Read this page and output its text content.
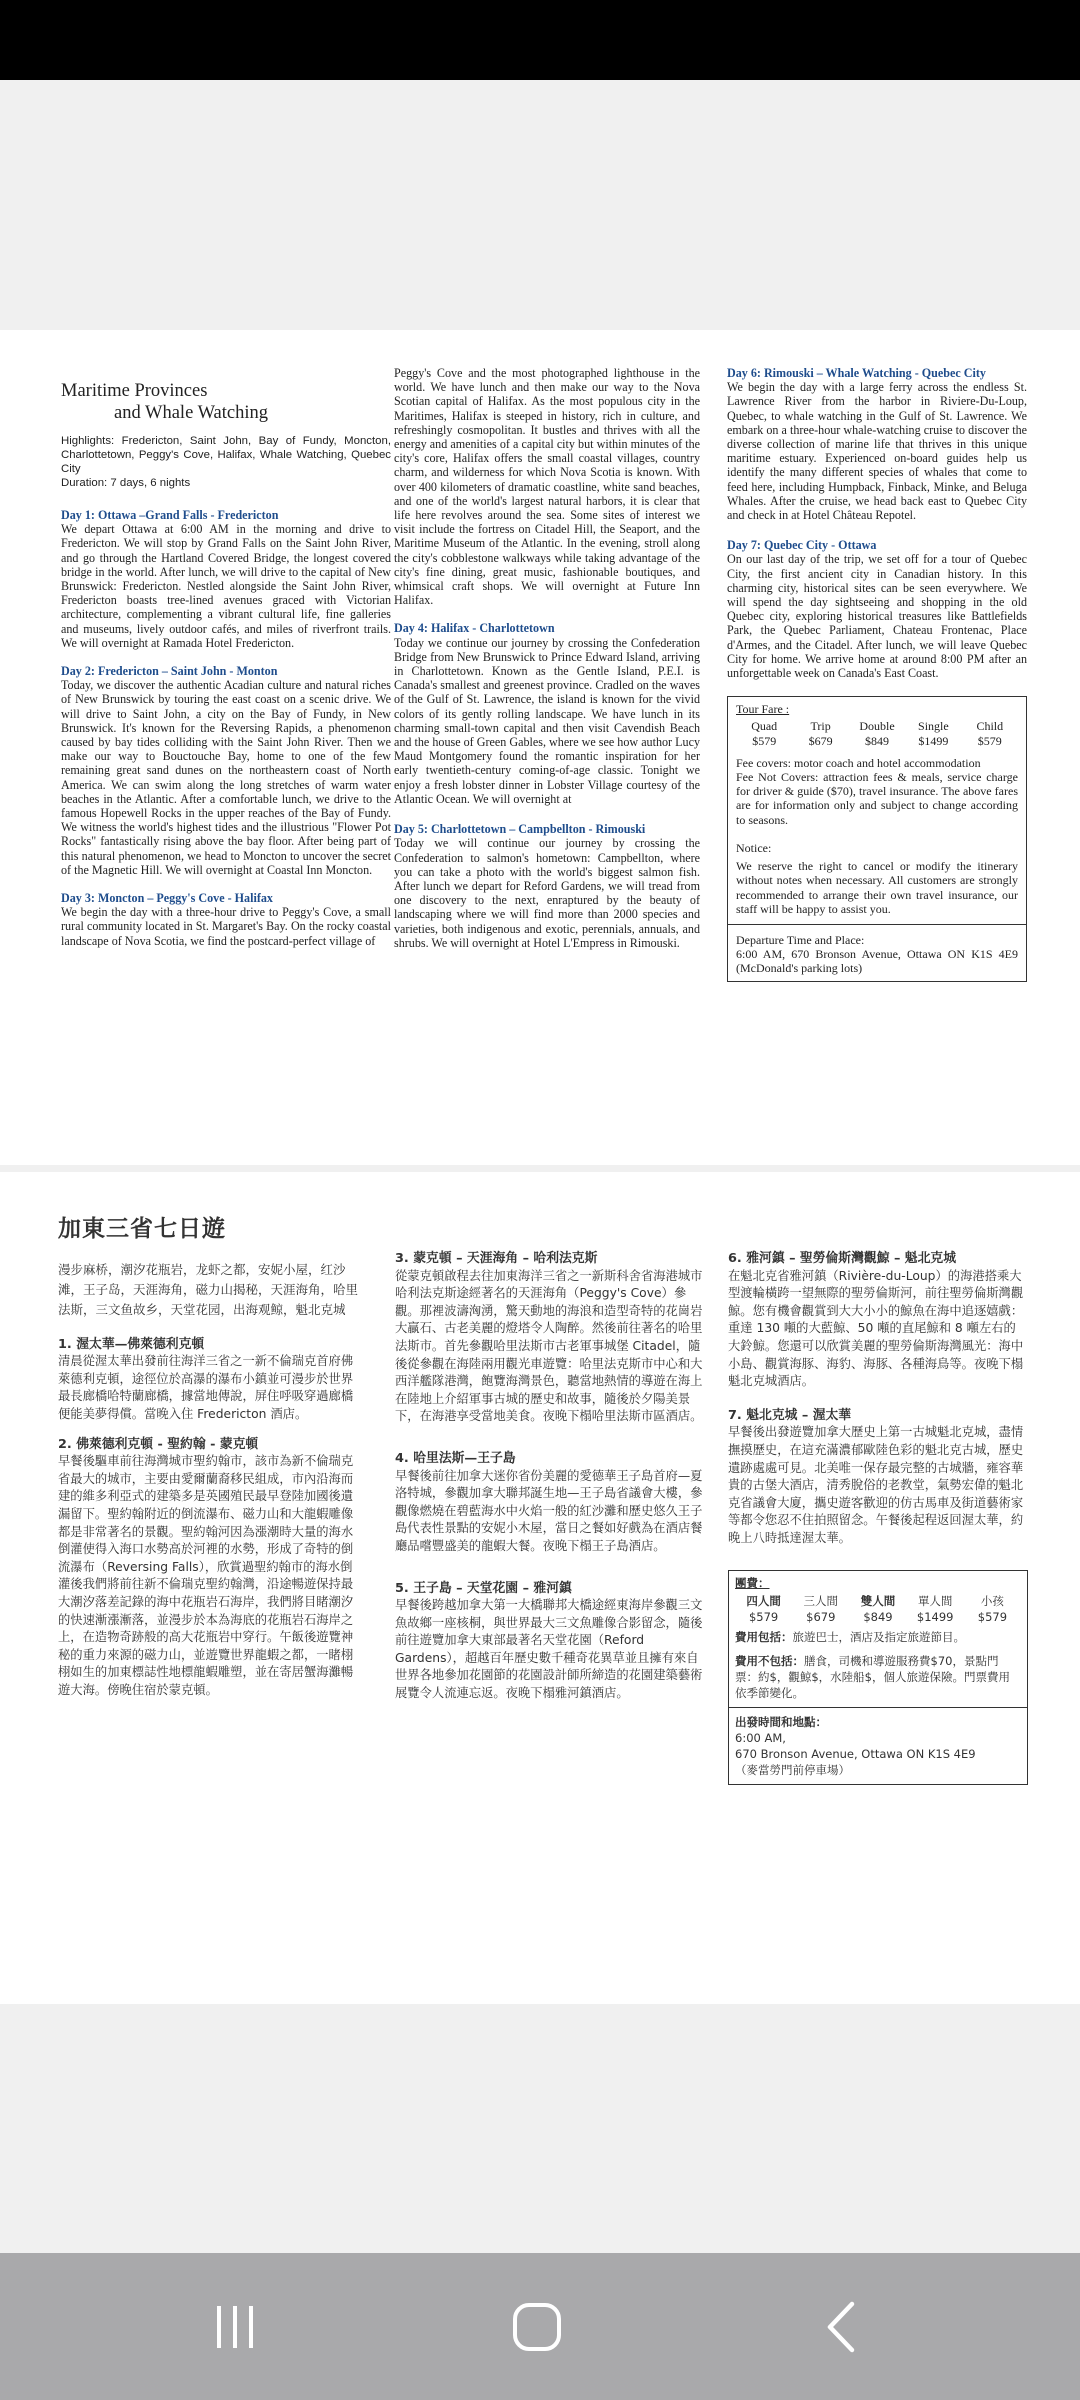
Maritime Provinces
and Whale Watching
Highlights: Fredericton, Saint John, Bay of Fundy, Moncton, Charlottetown, Peggy's Cove, Halifax, Whale Watching, Quebec City
Duration: 7 days, 6 nights
Day 1: Ottawa –Grand Falls - Fredericton
We depart Ottawa at 6:00 AM in the morning and drive to Fredericton. We will stop by Grand Falls on the Saint John River, and go through the Hartland Covered Bridge, the longest covered bridge in the world. After lunch, we will drive to the capital of New Brunswick: Fredericton. Nestled alongside the Saint John River, Fredericton boasts tree-lined avenues graced with Victorian architecture, complementing a vibrant cultural life, fine galleries and museums, lively outdoor cafés, and miles of riverfront trails. We will overnight at Ramada Hotel Fredericton.
Day 2: Fredericton – Saint John - Monton
Today, we discover the authentic Acadian culture and natural riches of New Brunswick by touring the east coast on a scenic drive. We will drive to Saint John, a city on the Bay of Fundy, in New Brunswick. It's known for the Reversing Rapids, a phenomenon caused by bay tides colliding with the Saint John River. Then we make our way to Bouctouche Bay, home to one of the few remaining great sand dunes on the northeastern coast of North America. We can swim along the long stretches of warm water beaches in the Atlantic. After a comfortable lunch, we drive to the famous Hopewell Rocks in the upper reaches of the Bay of Fundy. We witness the world's highest tides and the illustrious "Flower Pot Rocks" fantastically rising above the bay floor. After being part of this natural phenomenon, we head to Moncton to uncover the secret of the Magnetic Hill. We will overnight at Coastal Inn Moncton.
Day 3: Moncton – Peggy's Cove - Halifax
We begin the day with a three-hour drive to Peggy's Cove, a small rural community located in St. Margaret's Bay. On the rocky coastal landscape of Nova Scotia, we find the postcard-perfect village of
Peggy's Cove and the most photographed lighthouse in the world. We have lunch and then make our way to the Nova Scotian capital of Halifax. As the most populous city in the Maritimes, Halifax is steeped in history, rich in culture, and refreshingly cosmopolitan. It bustles and thrives with all the energy and amenities of a capital city but within minutes of the city's core, Halifax offers the small coastal villages, country charm, and wilderness for which Nova Scotia is known. With over 400 kilometers of dramatic coastline, white sand beaches, and one of the world's largest natural harbors, it is clear that life here revolves around the sea. Some sites of interest we visit include the fortress on Citadel Hill, the Seaport, and the Maritime Museum of the Atlantic. In the evening, stroll along the city's cobblestone walkways while taking advantage of the city's fine dining, great music, fashionable boutiques, and whimsical craft shops. We will overnight at Future Inn Halifax.
Day 4: Halifax - Charlottetown
Today we continue our journey by crossing the Confederation Bridge from New Brunswick to Prince Edward Island, arriving in Charlottetown. Known as the Gentle Island, P.E.I. is Canada's smallest and greenest province. Cradled on the waves of the Gulf of St. Lawrence, the island is known for the vivid colors of its gently rolling landscape. We have lunch in its charming small-town capital and then visit Cavendish Beach and the house of Green Gables, where we see how author Lucy Maud Montgomery found the romantic inspiration for her early twentieth-century coming-of-age classic. Tonight we enjoy a fresh lobster dinner in Lobster Village courtesy of the Atlantic Ocean. We will overnight at
Day 5: Charlottetown – Campbellton - Rimouski
Today we will continue our journey by crossing the Confederation to salmon's hometown: Campbellton, where you can take a photo with the world's biggest salmon fish. After lunch we depart for Reford Gardens, we will tread from one discovery to the next, enraptured by the beauty of landscaping where we will find more than 2000 species and varieties, both indigenous and exotic, perennials, annuals, and shrubs. We will overnight at Hotel L'Empress in Rimouski.
Day 6: Rimouski – Whale Watching - Quebec City
We begin the day with a large ferry across the endless St. Lawrence River from the harbor in Riviere-Du-Loup, Quebec, to whale watching in the Gulf of St. Lawrence. We embark on a three-hour whale-watching cruise to discover the diverse collection of marine life that thrives in this unique maritime estuary. Experienced on-board guides help us identify the many different species of whales that come to feed here, including Humpback, Finback, Minke, and Beluga Whales. After the cruise, we head back east to Quebec City and check in at Hotel Château Repotel.
Day 7: Quebec City - Ottawa
On our last day of the trip, we set off for a tour of Quebec City, the first ancient city in Canadian history. In this charming city, historical sites can be seen everywhere. We will spend the day sightseeing and shopping in the old Quebec city, exploring historical treasures like Battlefields Park, the Quebec Parliament, Chateau Frontenac, Place d'Armes, and the Citadel. After lunch, we will leave Quebec City for home. We arrive home at around 8:00 PM after an unforgettable week on Canada's East Coast.
Tour Fare :
Quad	Trip	Double	Single	Child
$579	$679	$849	$1499	$579
Fee covers: motor coach and hotel accommodation
Fee Not Covers: attraction fees & meals, service charge for driver & guide ($70), travel insurance. The above fares are for information only and subject to change according to seasons.
Notice:
We reserve the right to cancel or modify the itinerary without notes when necessary. All customers are strongly recommended to arrange their own travel insurance, our staff will be happy to assist you.
Departure Time and Place:
6:00 AM, 670 Bronson Avenue, Ottawa ON K1S 4E9 (McDonald's parking lots)
加東三省七日遊
漫步麻桥，潮汐花瓶岩，龙虾之都，安妮小屋，红沙滩，王子岛，天涯海角，磁力山揭秘，天涯海角，哈里法斯，三文鱼故乡，天堂花园，出海观鲸，魁北克城
1. 渥太華—佛萊德利克頓
清晨從渥太華出發前往海洋三省之一新不倫瑞克首府佛萊德利克頓，途徑位於高瀑的瀑布小鎮並可漫步於世界最長廊橋哈特蘭廊橋，據當地傳說，屏住呼吸穿過廊橋便能美夢得償。當晚入住 Fredericton 酒店。
2. 佛萊德利克頓 - 聖約翰 - 蒙克頓
早餐後驅車前往海灣城市聖約翰市，該市為新不倫瑞克省最大的城市，主要由愛爾蘭裔移民組成，市內沿海而建的維多利亞式的建築多是英國殖民最早登陸加國後遺漏留下。聖約翰附近的倒流瀑布、磁力山和大龍蝦雕像都是非常著名的景觀。聖約翰河因為漲潮時大量的海水倒灌使得入海口水勢高於河裡的水勢，形成了奇特的倒流瀑布（Reversing Falls），欣賞過聖約翰市的海水倒灌後我們將前往新不倫瑞克聖約翰灣，沿途暢遊保持最大潮汐落差記錄的海中花瓶岩石海岸，我們將目睹潮汐的快速漸漲漸落，並漫步於本為海底的花瓶岩石海岸之上，在造物奇跡般的高大花瓶岩中穿行。午飯後遊覽神秘的重力來源的磁力山，並遊覽世界龍蝦之都，一睹栩栩如生的加東標誌性地標龍蝦雕塑，並在寄居蟹海灘暢遊大海。傍晚住宿於蒙克頓。
3. 蒙克頓 – 天涯海角 – 哈利法克斯
從蒙克頓啟程去往加東海洋三省之一新斯科舍省海港城市哈利法克斯途經著名的天涯海角（Peggy's Cove）參觀。那裡波濤洶湧，驚天動地的海浪和造型奇特的花崗岩大贏石、古老美麗的燈塔令人陶醉。然後前往著名的哈里法斯市。首先參觀哈里法斯市古老軍事城堡 Citadel，隨後從參觀在海陸兩用觀光車遊覽：哈里法克斯市中心和大西洋艦隊港灣，飽覽海灣景色，聽當地熱情的導遊在海上在陸地上介紹軍事古城的歷史和故事，隨後於夕陽美景下，在海港享受當地美食。夜晚下榻哈里法斯市區酒店。
4. 哈里法斯—王子島
早餐後前往加拿大迷你省份美麗的愛德華王子島首府—夏洛特城，參觀加拿大聯邦誕生地—王子島省議會大樓，參觀像燃燒在碧藍海水中火焰一般的紅沙灘和歷史悠久王子島代表性景點的安妮小木屋，當日之餐如好戲為在酒店餐廳品嚐豐盛美的龍蝦大餐。夜晚下榻王子島酒店。
5. 王子島 – 天堂花園 – 雅河鎮
早餐後跨越加拿大第一大橋聯邦大橋途經東海岸參觀三文魚故鄉一座核桐，與世界最大三文魚雕像合影留念，隨後前往遊覽加拿大東部最著名天堂花園（Reford Gardens），超越百年歷史數千種奇花異草並且擁有來自世界各地參加花園節的花園設計師所締造的花園建築藝術展覽令人流連忘返。夜晚下榻雅河鎮酒店。
6. 雅河鎮 – 聖勞倫斯灣觀鯨 – 魁北克城
在魁北克省雅河鎮（Rivière-du-Loup）的海港搭乘大型渡輪橫跨一望無際的聖勞倫斯河，前往聖勞倫斯灣觀鯨。您有機會觀賞到大大小小的鯨魚在海中追逐嬉戲：重達 130 噸的大藍鯨、50 噸的直尾鯨和 8 噸左右的大鈴鯨。您還可以欣賞美麗的聖勞倫斯海灣風光：海中小島、觀賞海豚、海豹、海豚、各種海鳥等。夜晚下榻魁北克城酒店。
7. 魁北克城 – 渥太華
早餐後出發遊覽加拿大歷史上第一古城魁北克城，盡情撫摸歷史，在這充滿濃郁歐陸色彩的魁北克古城，歷史遺跡處處可見。北美唯一保存最完整的古城牆，雍容華貴的古堡大酒店，清秀脫俗的老教堂，氣勢宏偉的魁北克省議會大廈，攜史遊客歡迎的仿古馬車及街道藝術家等都令您忍不住拍照留念。午餐後起程返回渥太華，約晚上八時抵達渥太華。
團費：
四人間	三人間	雙人間	單人間	小孩
$579	$679	$849	$1499	$579
費用包括：旅遊巴士，酒店及指定旅遊節目。
費用不包括：膳食，司機和導遊服務費$70，景點門票：約$，觀鯨$，水陸船$，個人旅遊保險。門票費用依季節變化。
出發時間和地點：
6:00 AM,
670 Bronson Avenue, Ottawa ON K1S 4E9
（麥當勞門前停車場）
